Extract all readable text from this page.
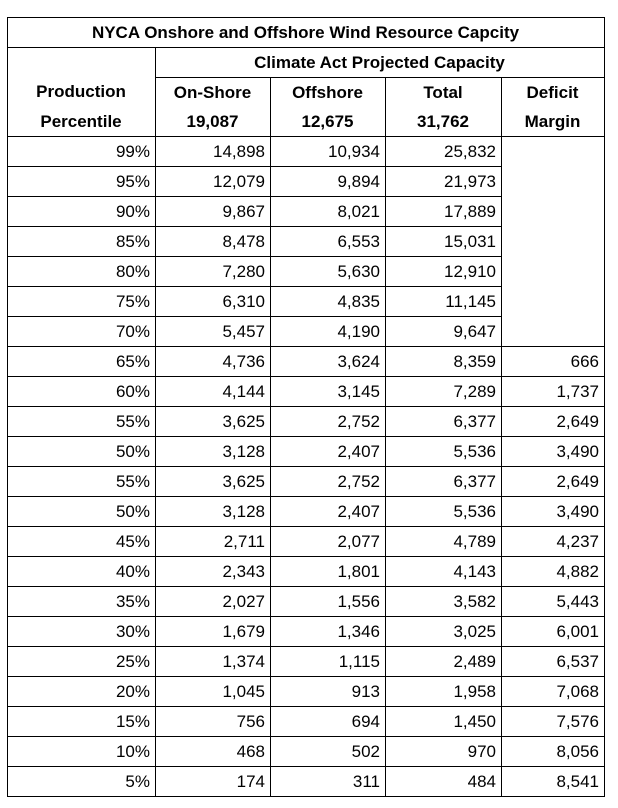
NYCA Onshore and Offshore Wind Resource Capcity				
	Climate Act Projected Capacity			
Production	On-Shore	Offshore	Total	Deficit
Percentile	19,087	12,675	31,762	Margin
99%	14,898	10,934	25,832	
95%	12,079	9,894	21,973	
90%	9,867	8,021	17,889	
85%	8,478	6,553	15,031	
80%	7,280	5,630	12,910	
75%	6,310	4,835	11,145	
70%	5,457	4,190	9,647	
65%	4,736	3,624	8,359	666
60%	4,144	3,145	7,289	1,737
55%	3,625	2,752	6,377	2,649
50%	3,128	2,407	5,536	3,490
55%	3,625	2,752	6,377	2,649
50%	3,128	2,407	5,536	3,490
45%	2,711	2,077	4,789	4,237
40%	2,343	1,801	4,143	4,882
35%	2,027	1,556	3,582	5,443
30%	1,679	1,346	3,025	6,001
25%	1,374	1,115	2,489	6,537
20%	1,045	913	1,958	7,068
15%	756	694	1,450	7,576
10%	468	502	970	8,056
5%	174	311	484	8,541
